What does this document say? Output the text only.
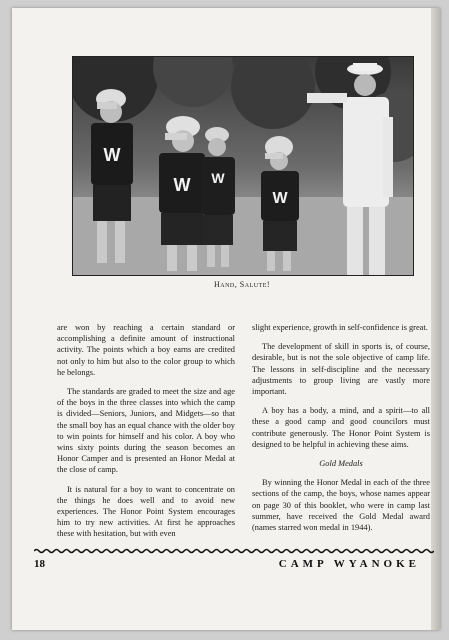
W
W W
W
Hand, Salute!

are won by reaching a certain standard or accomplishing a definite amount of instructional activity. The points which a boy earns are credited not only to him but also to the color group to which he belongs.

The standards are graded to meet the size and age of the boys in the three classes into which the camp is divided—Seniors, Juniors, and Midgets—so that the small boy has an equal chance with the older boy to win points for himself and his color. A boy who wins sixty points during the season becomes an Honor Camper and is presented an Honor Medal at the close of camp.

It is natural for a boy to want to concentrate on the things he does well and to avoid new experiences. The Honor Point System encourages him to try new activities. At first he approaches these with hesitation, but with even

slight experience, growth in self-confidence is great.

The development of skill in sports is, of course, desirable, but is not the sole objective of camp life. The lessons in self-discipline and the necessary adjustments to group living are vastly more important.

A boy has a body, a mind, and a spirit—to all these a good camp and good councilors must contribute generously. The Honor Point System is designed to be helpful in achieving these aims.

Gold Medals

By winning the Honor Medal in each of the three sections of the camp, the boys, whose names appear on page 30 of this booklet, who were in camp last summer, have received the Gold Medal award (names starred won medal in 1944).

18	CAMP WYANOKE
